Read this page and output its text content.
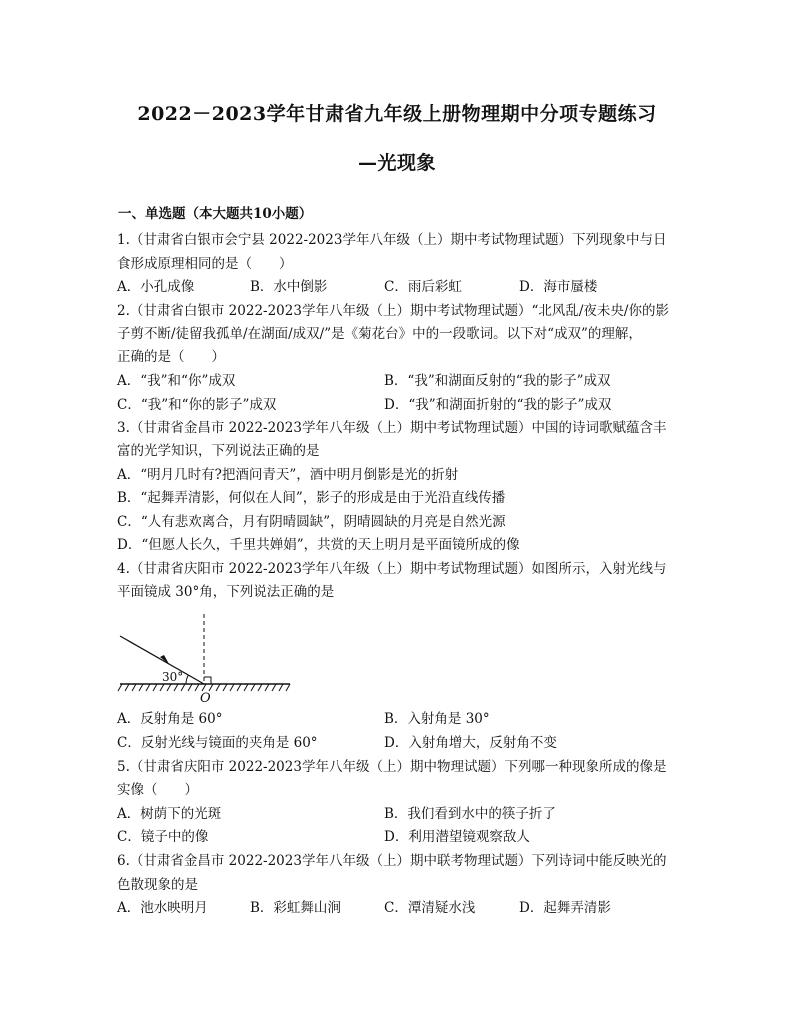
2022－2023学年甘肃省九年级上册物理期中分项专题练习
—光现象
一、单选题（本大题共10小题）
1.（甘肃省白银市会宁县 2022-2023学年八年级（上）期中考试物理试题）下列现象中与日
食形成原理相同的是（　　）
A．小孔成像	B．水中倒影	C．雨后彩虹	D．海市蜃楼
2.（甘肃省白银市 2022-2023学年八年级（上）期中考试物理试题）“北风乱/夜未央/你的影
子剪不断/徒留我孤单/在湖面/成双/”是《菊花台》中的一段歌词。以下对“成双”的理解，
正确的是（　　）
A．“我”和“你”成双	B．“我”和湖面反射的“我的影子”成双
C．“我”和“你的影子”成双	D．“我”和湖面折射的“我的影子”成双
3.（甘肃省金昌市 2022-2023学年八年级（上）期中考试物理试题）中国的诗词歌赋蕴含丰
富的光学知识，下列说法正确的是
A．“明月几时有?把酒问青天”，酒中明月倒影是光的折射
B．“起舞弄清影，何似在人间”，影子的形成是由于光沿直线传播
C．“人有悲欢离合，月有阴晴圆缺”，阴晴圆缺的月亮是自然光源
D．“但愿人长久，千里共婵娟”，共赏的天上明月是平面镜所成的像
4.（甘肃省庆阳市 2022-2023学年八年级（上）期中考试物理试题）如图所示，入射光线与
平面镜成 30°角，下列说法正确的是
30°
O
A．反射角是 60°	B．入射角是 30°
C．反射光线与镜面的夹角是 60°	D．入射角增大，反射角不变
5.（甘肃省庆阳市 2022-2023学年八年级（上）期中物理试题）下列哪一种现象所成的像是
实像（　　）
A．树荫下的光斑	B．我们看到水中的筷子折了
C．镜子中的像	D．利用潜望镜观察敌人
6.（甘肃省金昌市 2022-2023学年八年级（上）期中联考物理试题）下列诗词中能反映光的
色散现象的是
A．池水映明月	B．彩虹舞山涧	C．潭清疑水浅	D．起舞弄清影
